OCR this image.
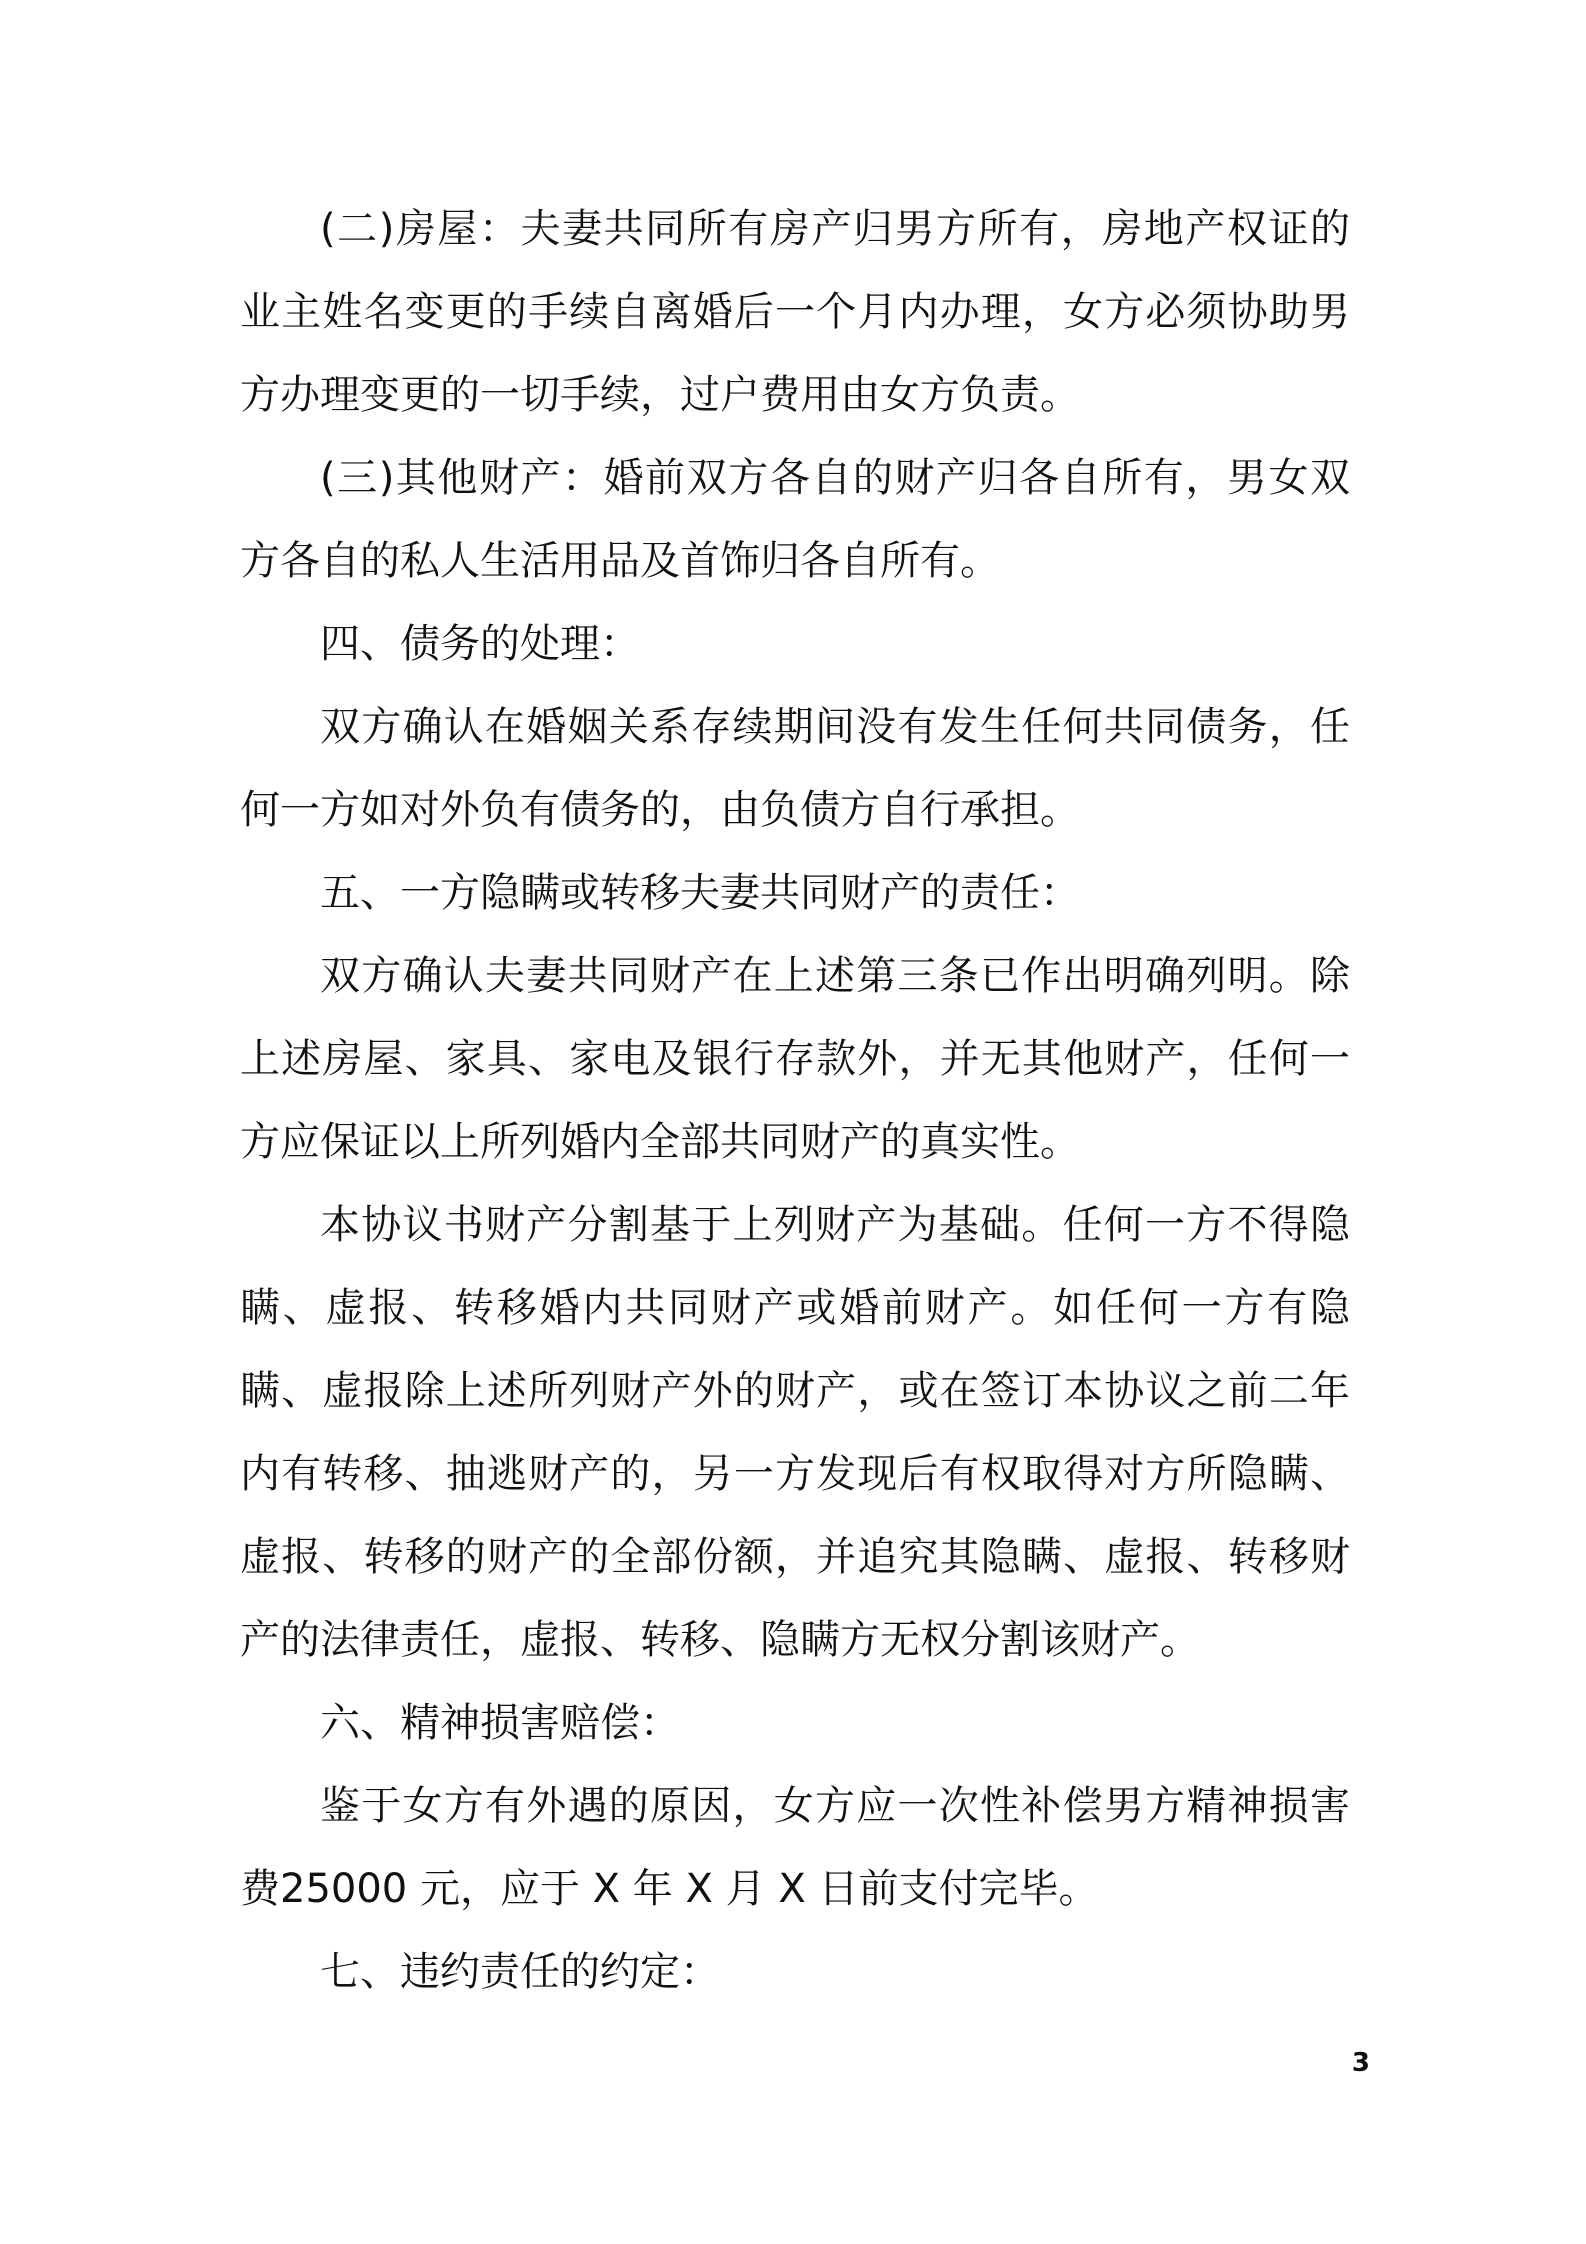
(二)房屋：夫妻共同所有房产归男方所有，房地产权证的业主姓名变更的手续自离婚后一个月内办理，女方必须协助男方办理变更的一切手续，过户费用由女方负责。

(三)其他财产：婚前双方各自的财产归各自所有，男女双方各自的私人生活用品及首饰归各自所有。

四、债务的处理：

双方确认在婚姻关系存续期间没有发生任何共同债务，任何一方如对外负有债务的，由负债方自行承担。

五、一方隐瞒或转移夫妻共同财产的责任：

双方确认夫妻共同财产在上述第三条已作出明确列明。除上述房屋、家具、家电及银行存款外，并无其他财产，任何一方应保证以上所列婚内全部共同财产的真实性。

本协议书财产分割基于上列财产为基础。任何一方不得隐瞒、虚报、转移婚内共同财产或婚前财产。如任何一方有隐瞒、虚报除上述所列财产外的财产，或在签订本协议之前二年内有转移、抽逃财产的，另一方发现后有权取得对方所隐瞒、虚报、转移的财产的全部份额，并追究其隐瞒、虚报、转移财产的法律责任，虚报、转移、隐瞒方无权分割该财产。

六、精神损害赔偿：

鉴于女方有外遇的原因，女方应一次性补偿男方精神损害费25000 元，应于 X 年 X 月 X 日前支付完毕。

七、违约责任的约定：

3
